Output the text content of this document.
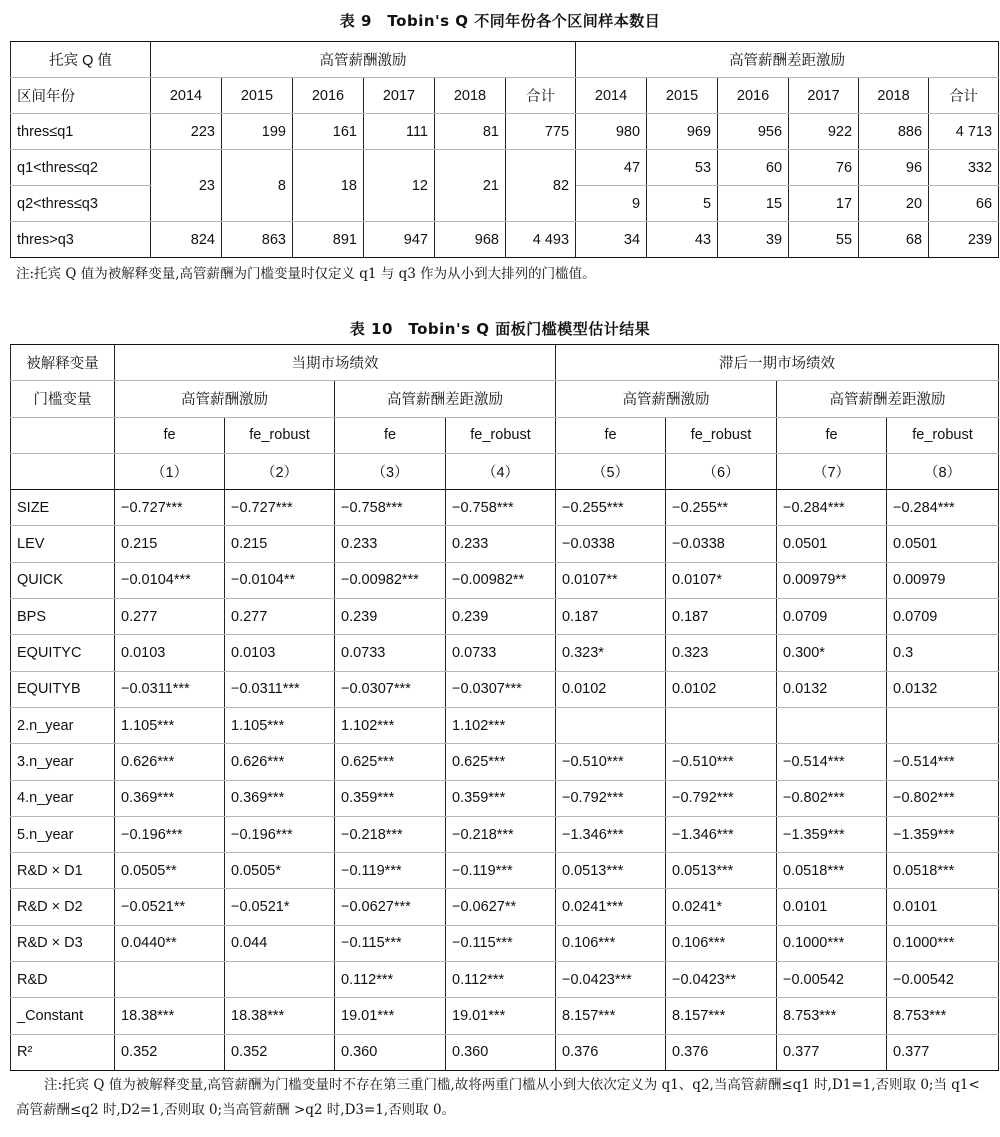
表 9　Tobin's Q 不同年份各个区间样本数目
托宾 Q 值	高管薪酬激励						高管薪酬差距激励					
区间年份	2014	2015	2016	2017	2018	合计	2014	2015	2016	2017	2018	合计
thres≤q1	223	199	161	111	81	775	980	969	956	922	886	4 713
q1<thres≤q2	23	8	18	12	21	82	47	53	60	76	96	332
q2<thres≤q3							9	5	15	17	20	66
thres>q3	824	863	891	947	968	4 493	34	43	39	55	68	239
注:托宾 Q 值为被解释变量,高管薪酬为门槛变量时仅定义 q1 与 q3 作为从小到大排列的门槛值。
表 10　Tobin's Q 面板门槛模型估计结果
被解释变量	当期市场绩效				滞后一期市场绩效			
门槛变量	高管薪酬激励		高管薪酬差距激励		高管薪酬激励		高管薪酬差距激励	
	fe	fe_robust	fe	fe_robust	fe	fe_robust	fe	fe_robust
	（1）	（2）	（3）	（4）	（5）	（6）	（7）	（8）
SIZE	−0.727***	−0.727***	−0.758***	−0.758***	−0.255***	−0.255**	−0.284***	−0.284***
LEV	0.215	0.215	0.233	0.233	−0.0338	−0.0338	0.0501	0.0501
QUICK	−0.0104***	−0.0104**	−0.00982***	−0.00982**	0.0107**	0.0107*	0.00979**	0.00979
BPS	0.277	0.277	0.239	0.239	0.187	0.187	0.0709	0.0709
EQUITYC	0.0103	0.0103	0.0733	0.0733	0.323*	0.323	0.300*	0.3
EQUITYB	−0.0311***	−0.0311***	−0.0307***	−0.0307***	0.0102	0.0102	0.0132	0.0132
2.n_year	1.105***	1.105***	1.102***	1.102***				
3.n_year	0.626***	0.626***	0.625***	0.625***	−0.510***	−0.510***	−0.514***	−0.514***
4.n_year	0.369***	0.369***	0.359***	0.359***	−0.792***	−0.792***	−0.802***	−0.802***
5.n_year	−0.196***	−0.196***	−0.218***	−0.218***	−1.346***	−1.346***	−1.359***	−1.359***
R&D × D1	0.0505**	0.0505*	−0.119***	−0.119***	0.0513***	0.0513***	0.0518***	0.0518***
R&D × D2	−0.0521**	−0.0521*	−0.0627***	−0.0627**	0.0241***	0.0241*	0.0101	0.0101
R&D × D3	0.0440**	0.044	−0.115***	−0.115***	0.106***	0.106***	0.1000***	0.1000***
R&D			0.112***	0.112***	−0.0423***	−0.0423**	−0.00542	−0.00542
_Constant	18.38***	18.38***	19.01***	19.01***	8.157***	8.157***	8.753***	8.753***
R²	0.352	0.352	0.360	0.360	0.376	0.376	0.377	0.377
注:托宾 Q 值为被解释变量,高管薪酬为门槛变量时不存在第三重门槛,故将两重门槛从小到大依次定义为 q1、q2,当高管薪酬≤q1 时,D1=1,否则取 0;当 q1< 高管薪酬≤q2 时,D2=1,否则取 0;当高管薪酬 >q2 时,D3=1,否则取 0。
